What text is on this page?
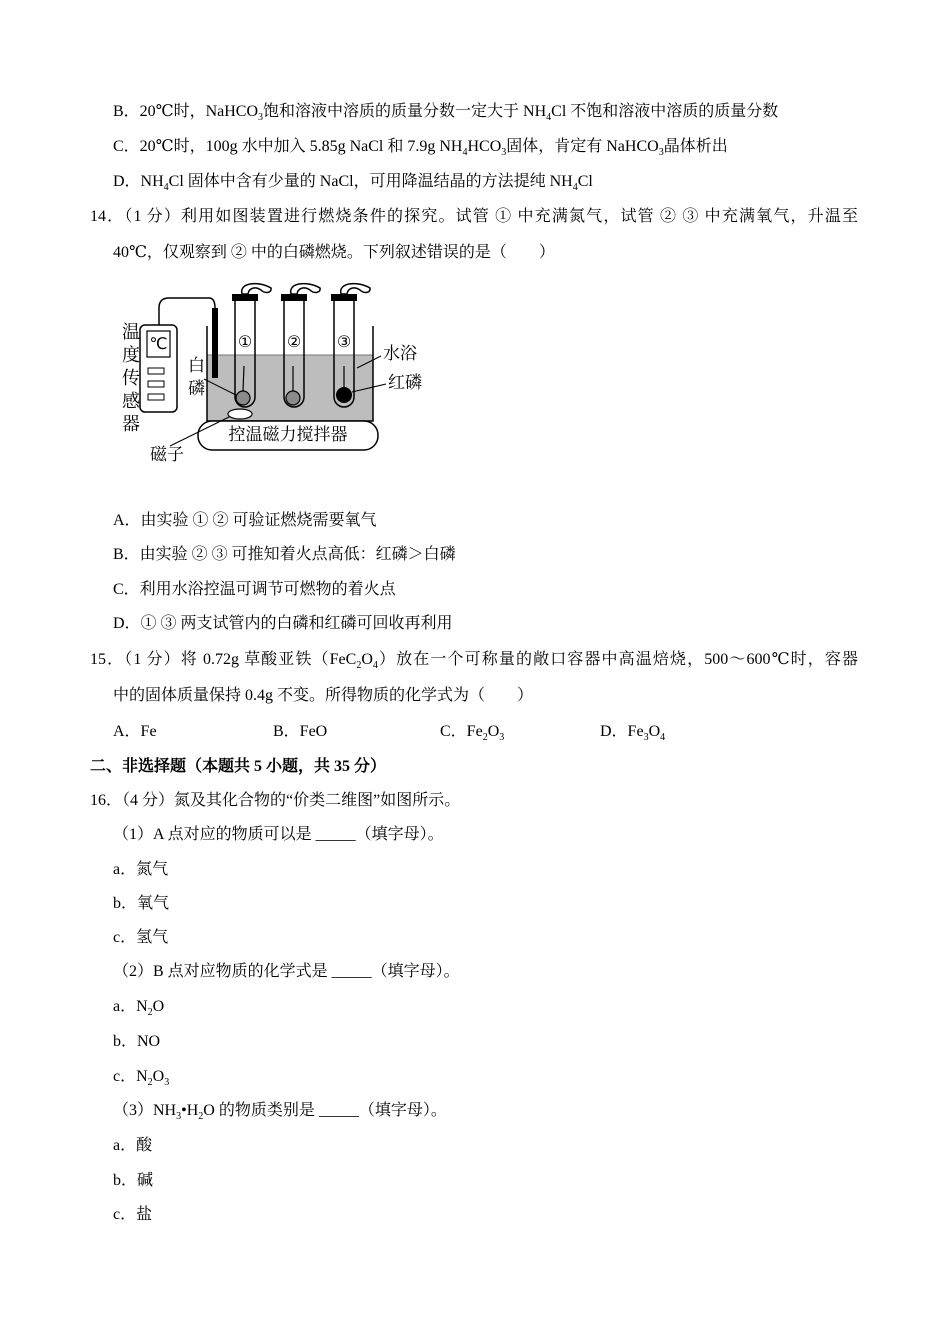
B．20℃时，NaHCO$_3$饱和溶液中溶质的质量分数一定大于 $NH_4Cl$ 不饱和溶液中溶质的质量分数
C．20℃时，100g 水中加入 5.85g NaCl 和 7.9g $NH_4HCO_3$固体，肯定有 NaHCO$_3$晶体析出
D．$NH_4Cl$ 固体中含有少量的 NaCl，可用降温结晶的方法提纯 $NH_4Cl$
14．（1 分）利用如图装置进行燃烧条件的探究。试管 ① 中充满氮气，试管 ② ③ 中充满氧气，升温至
40℃，仅观察到 ② 中的白磷燃烧。下列叙述错误的是（　　）
温度传感器 ℃
白磷
① ② ③
水浴
红磷
控温磁力搅拌器
磁子
A．由实验 ① ② 可验证燃烧需要氧气
B．由实验 ② ③ 可推知着火点高低：红磷＞白磷
C．利用水浴控温可调节可燃物的着火点
D．① ③ 两支试管内的白磷和红磷可回收再利用
15．（1 分）将 0.72g 草酸亚铁$(FeC_2O_4)$放在一个可称量的敞口容器中高温焙烧，500～600℃时，容器
中的固体质量保持 0.4g 不变。所得物质的化学式为（　　）
A．Fe	B．FeO	C．$Fe_2O_3$	D．$Fe_3O_4$
二、非选择题（本题共 5 小题，共 35 分）
16．（4 分）氮及其化合物的“价类二维图”如图所示。
（1）A 点对应的物质可以是 _____（填字母）。
a．氮气
b．氧气
c．氢气
（2）B 点对应物质的化学式是 _____（填字母）。
a．$N_2O$
b．NO
c．$N_2O_3$
$(3)NH_3•H_2O$ 的物质类别是 _____（填字母）。
a．酸
b．碱
c．盐
